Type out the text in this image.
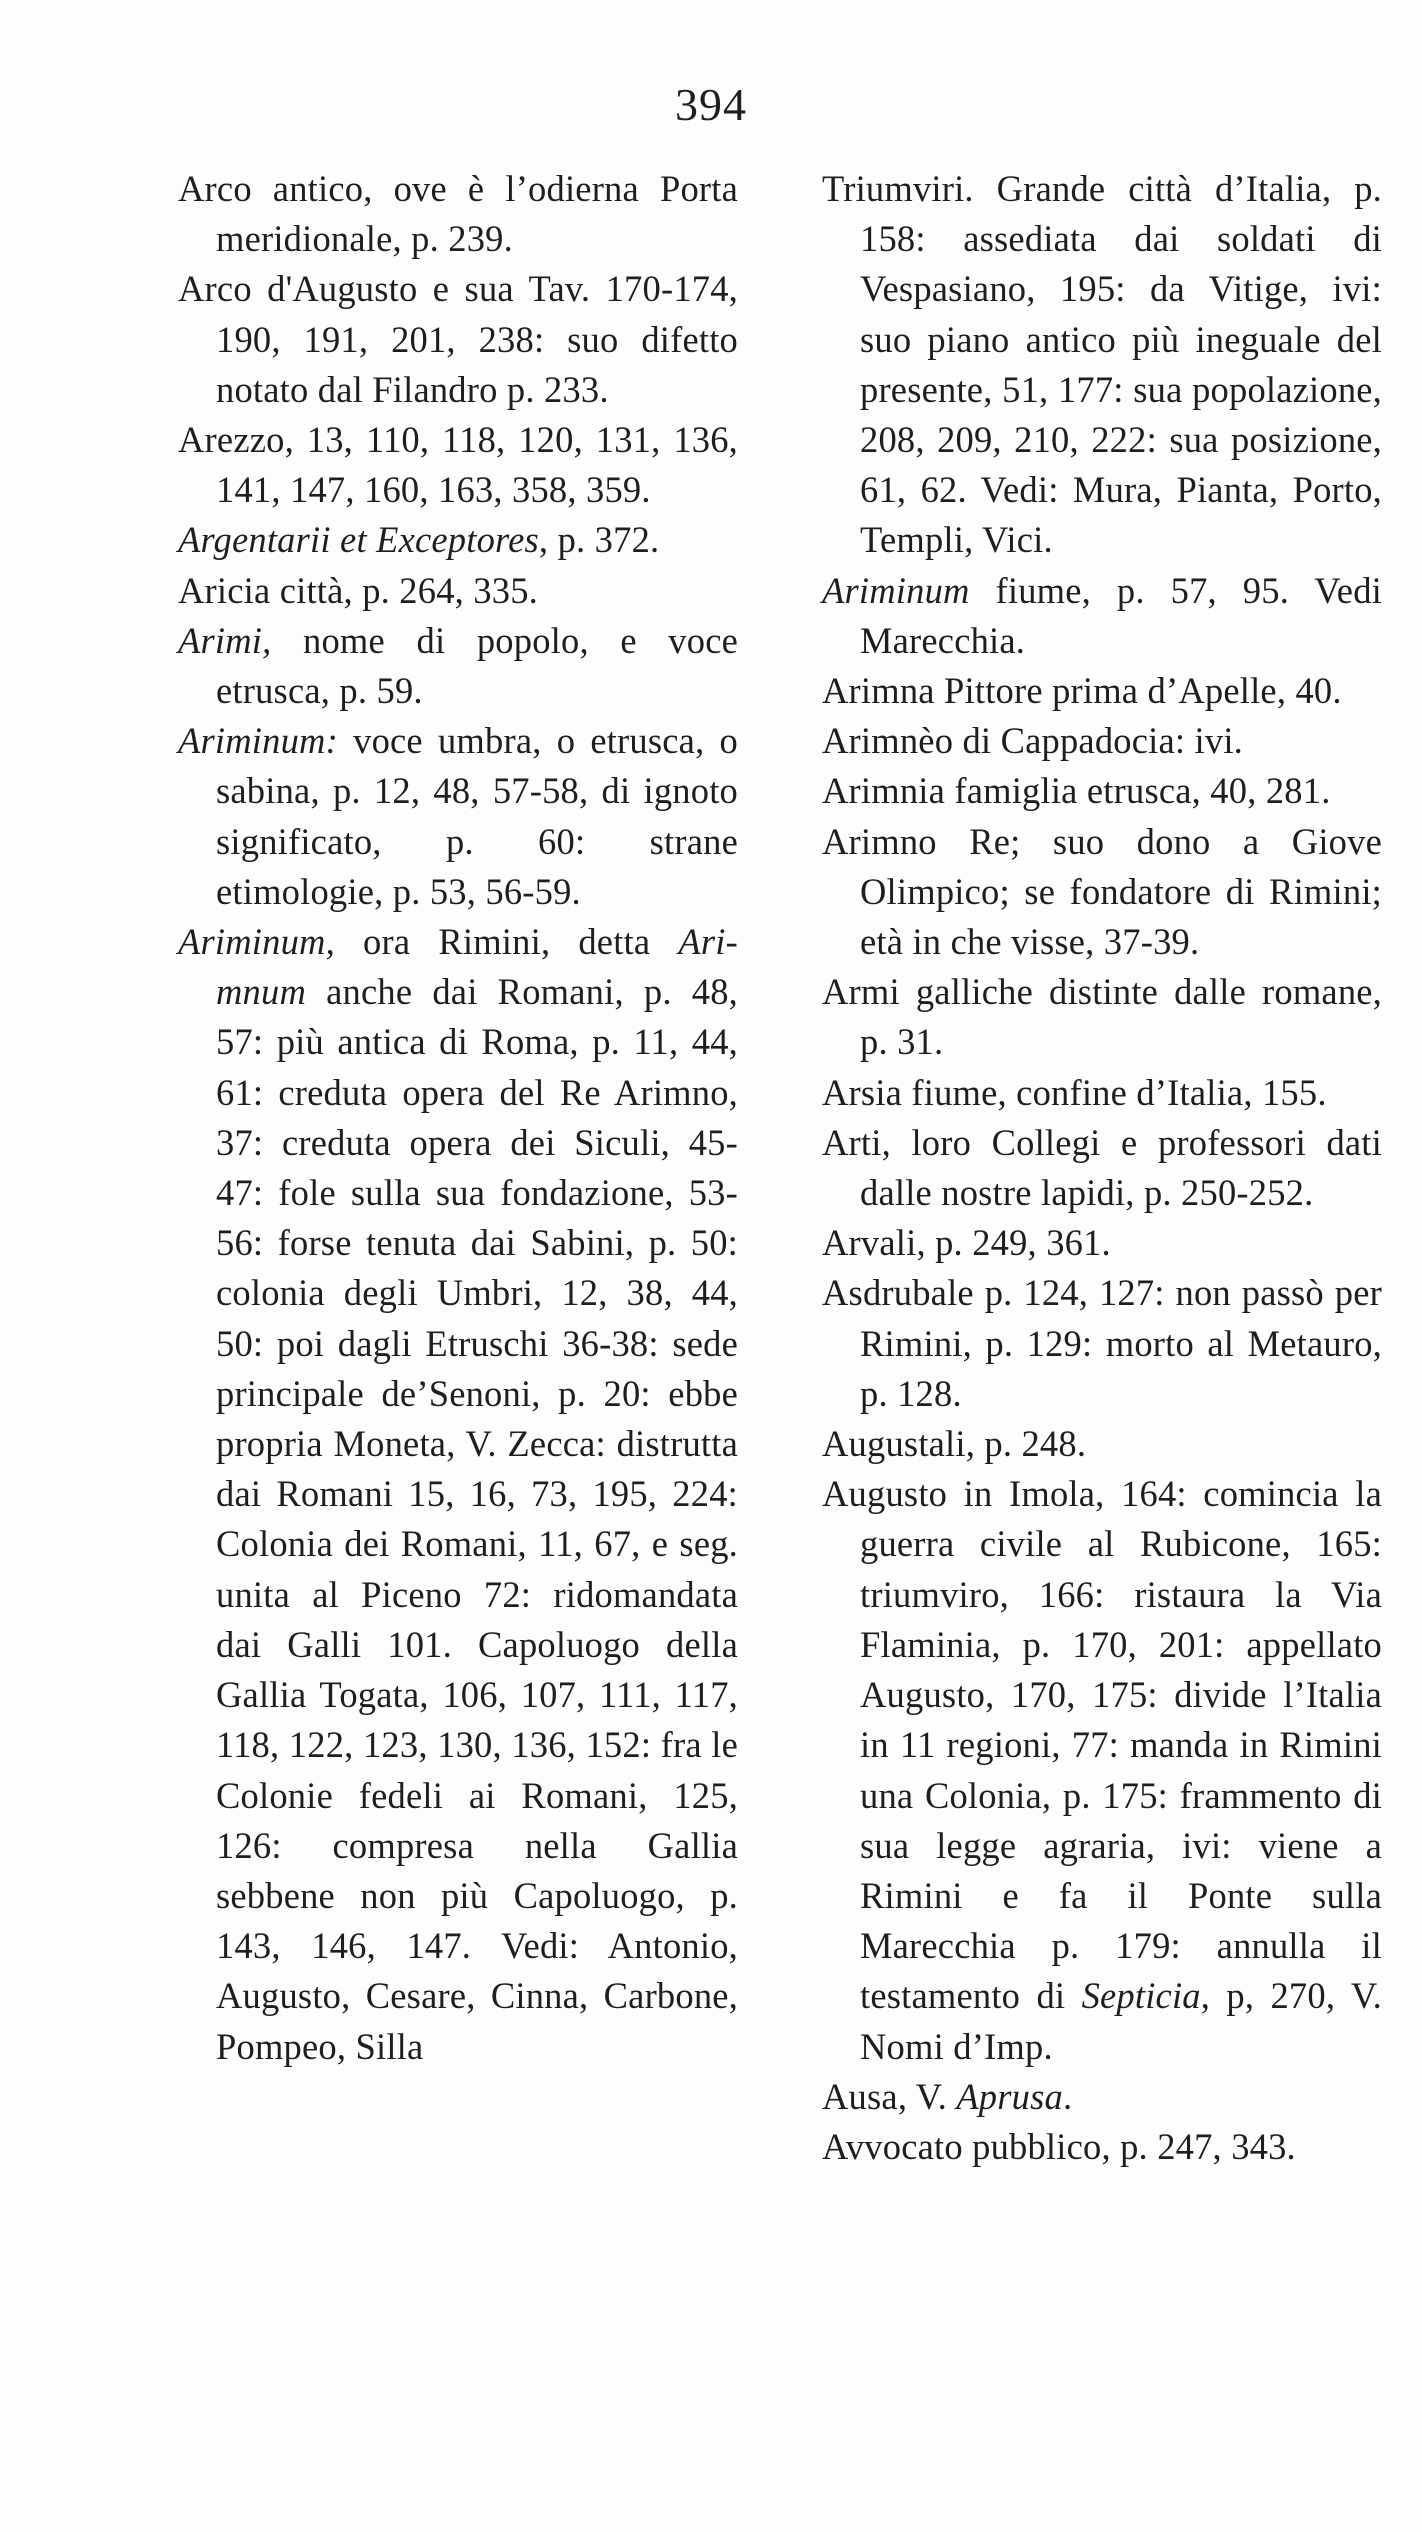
394

Arco antico, ove è l’odierna Porta meridionale, p. 239.

Arco d'Augusto e sua Tav. 170-174, 190, 191, 201, 238: suo difetto notato dal Filandro p. 233.

Arezzo, 13, 110, 118, 120, 131, 136, 141, 147, 160, 163, 358, 359.

Argentarii et Exceptores, p. 372.

Aricia città, p. 264, 335.

Arimi, nome di popolo, e voce etrusca, p. 59.

Ariminum: voce umbra, o etrusca, o sabina, p. 12, 48, 57-58, di ignoto significato, p. 60: strane etimologie, p. 53, 56-59.

Ariminum, ora Rimini, detta Ari-mnum anche dai Romani, p. 48, 57: più antica di Roma, p. 11, 44, 61: creduta opera del Re Arimno, 37: creduta opera dei Siculi, 45-47: fole sulla sua fondazione, 53-56: forse tenuta dai Sabini, p. 50: colonia degli Umbri, 12, 38, 44, 50: poi dagli Etruschi 36-38: sede principale de’Senoni, p. 20: ebbe propria Moneta, V. Zecca: distrutta dai Romani 15, 16, 73, 195, 224: Colonia dei Romani, 11, 67, e seg. unita al Piceno 72: ridomandata dai Galli 101. Capoluogo della Gallia Togata, 106, 107, 111, 117, 118, 122, 123, 130, 136, 152: fra le Colonie fedeli ai Romani, 125, 126: compresa nella Gallia sebbene non più Capoluogo, p. 143, 146, 147. Vedi: Antonio, Augusto, Cesare, Cinna, Carbone, Pompeo, Silla

Triumviri. Grande città d’Italia, p. 158: assediata dai soldati di Vespasiano, 195: da Vitige, ivi: suo piano antico più ineguale del presente, 51, 177: sua popolazione, 208, 209, 210, 222: sua posizione, 61, 62. Vedi: Mura, Pianta, Porto, Templi, Vici.

Ariminum fiume, p. 57, 95. Vedi Marecchia.

Arimna Pittore prima d’Apelle, 40.

Arimnèo di Cappadocia: ivi.

Arimnia famiglia etrusca, 40, 281.

Arimno Re; suo dono a Giove Olimpico; se fondatore di Rimini; età in che visse, 37-39.

Armi galliche distinte dalle romane, p. 31.

Arsia fiume, confine d’Italia, 155.

Arti, loro Collegi e professori dati dalle nostre lapidi, p. 250-252.

Arvali, p. 249, 361.

Asdrubale p. 124, 127: non passò per Rimini, p. 129: morto al Metauro, p. 128.

Augustali, p. 248.

Augusto in Imola, 164: comincia la guerra civile al Rubicone, 165: triumviro, 166: ristaura la Via Flaminia, p. 170, 201: appellato Augusto, 170, 175: divide l’Italia in 11 regioni, 77: manda in Rimini una Colonia, p. 175: frammento di sua legge agraria, ivi: viene a Rimini e fa il Ponte sulla Marecchia p. 179: annulla il testamento di Septicia, p, 270, V. Nomi d’Imp.

Ausa, V. Aprusa.

Avvocato pubblico, p. 247, 343.
